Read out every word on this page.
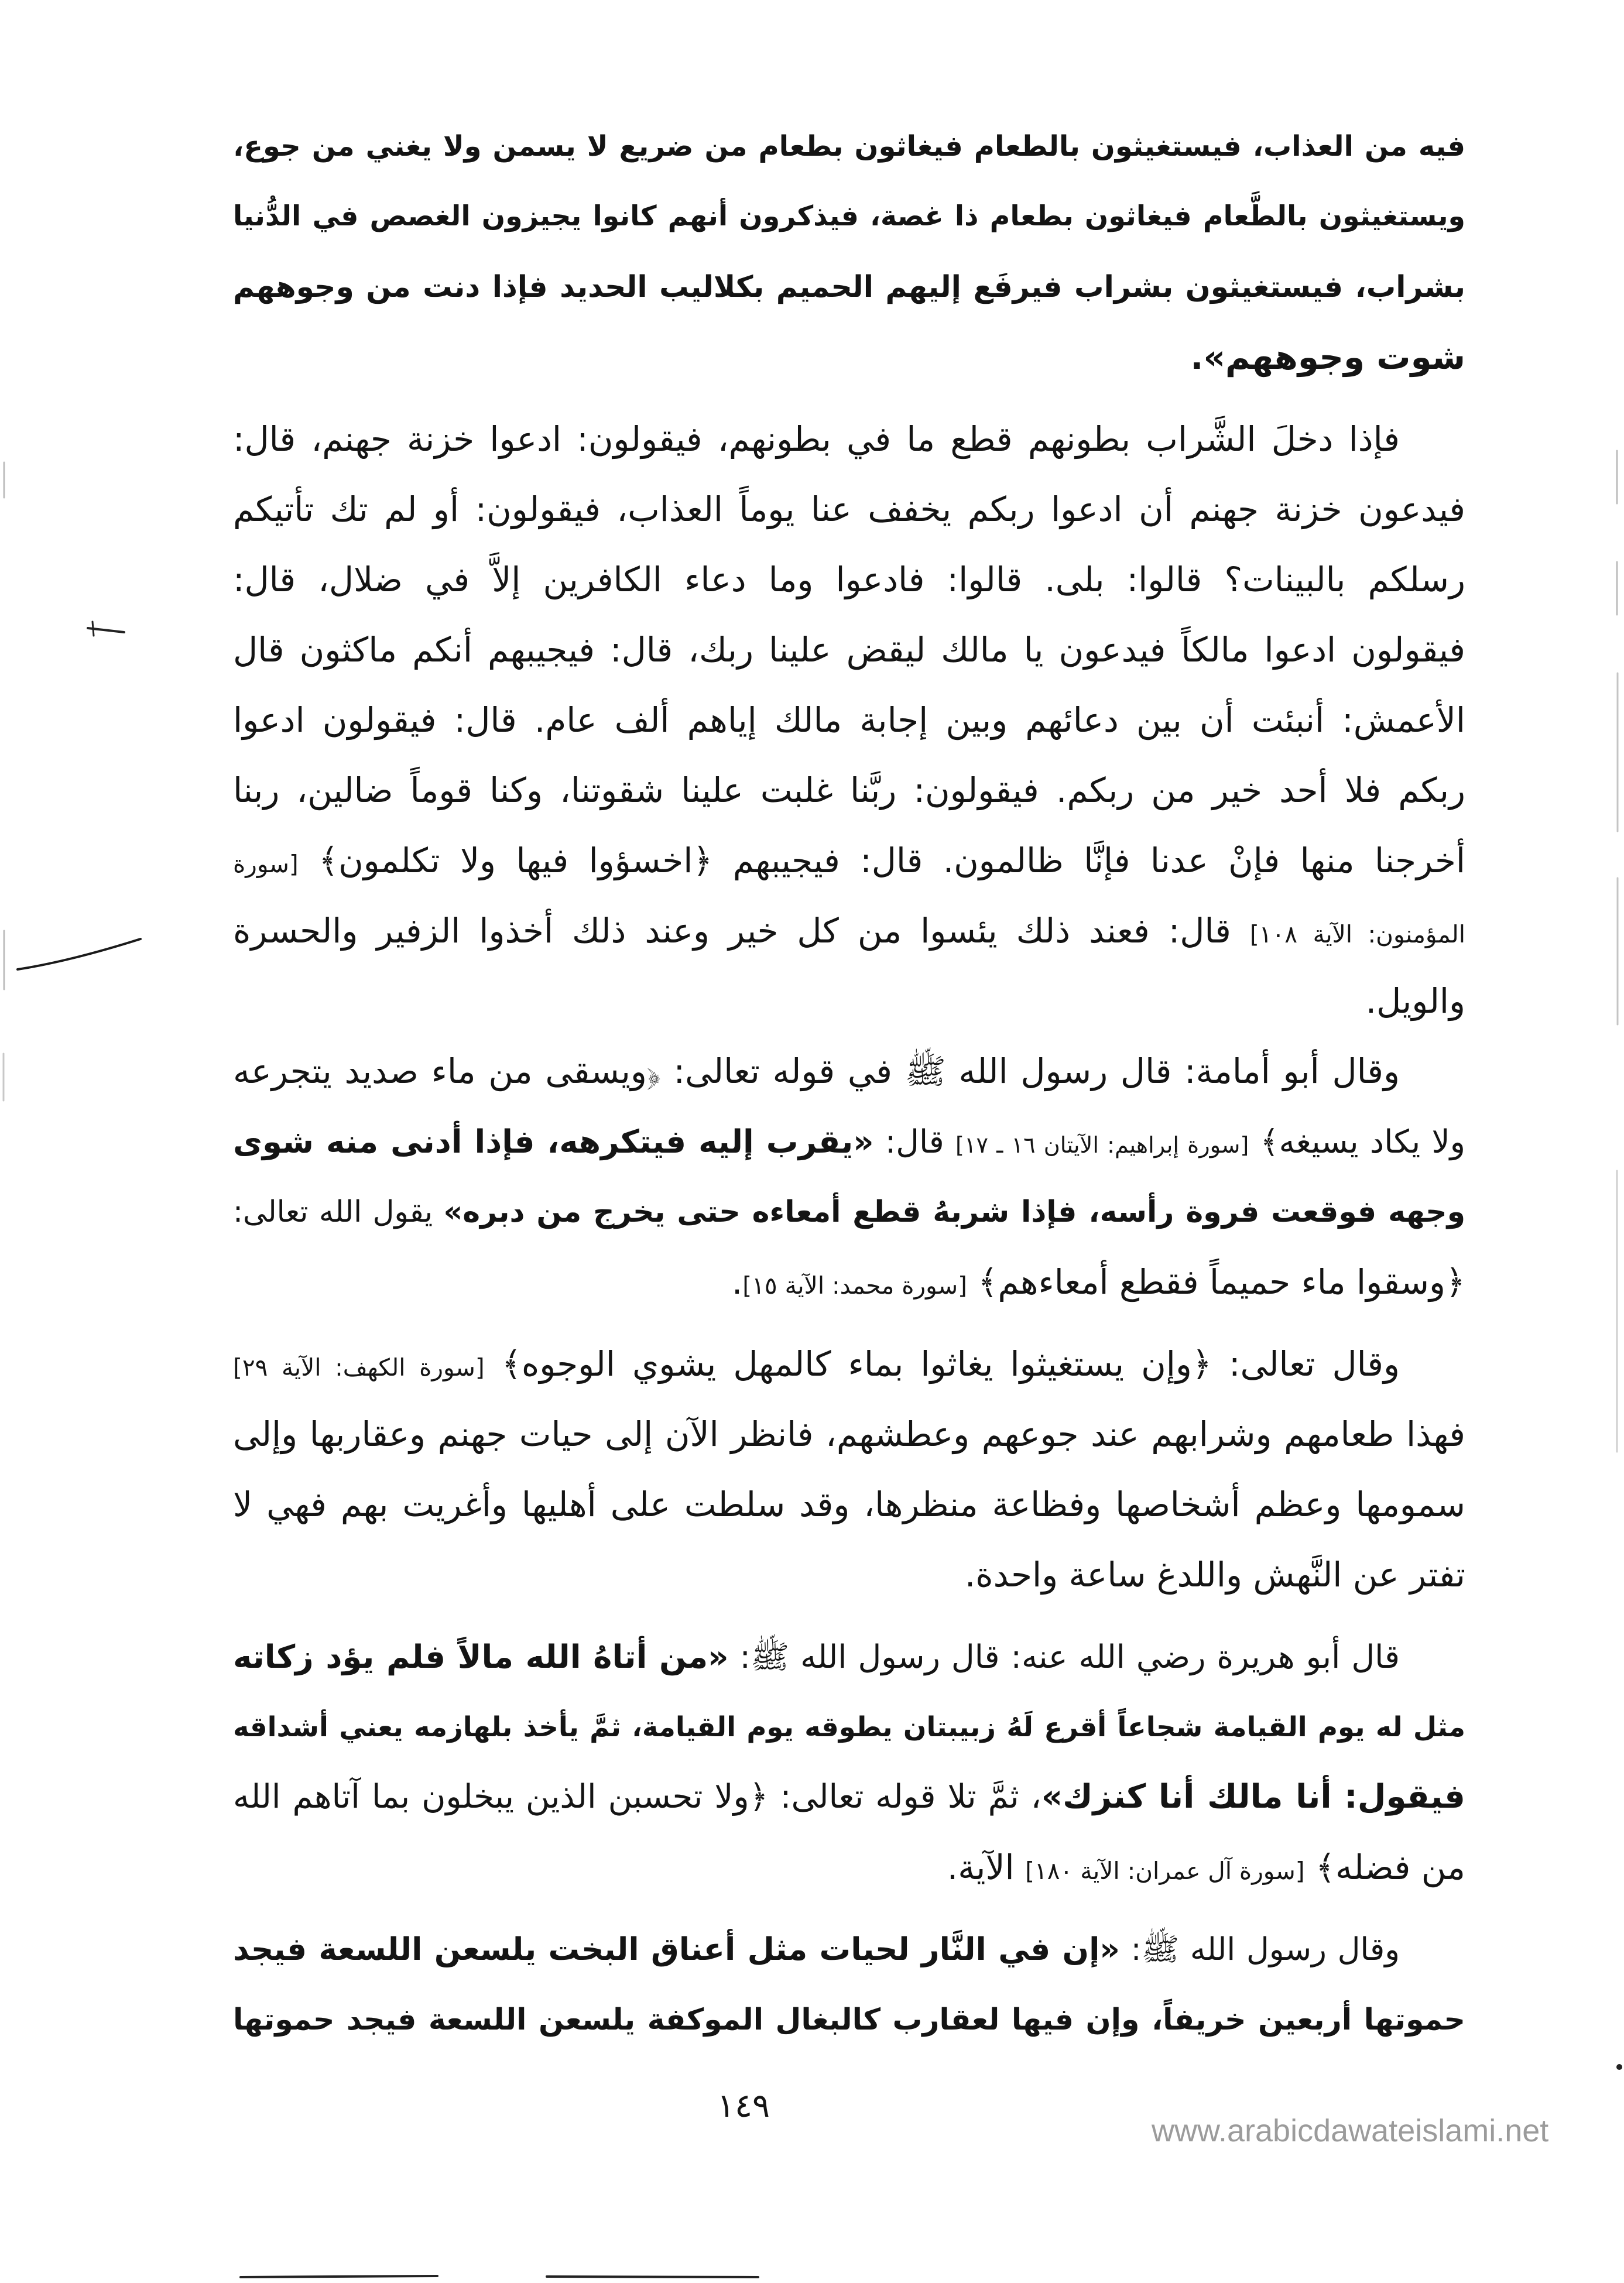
فيه من العذاب، فيستغيثون بالطعام فيغاثون بطعام من ضريع لا يسمن ولا يغني من جوع،
ويستغيثون بالطَّعام فيغاثون بطعام ذا غصة، فيذكرون أنهم كانوا يجيزون الغصص في الدُّنيا
بشراب، فيستغيثون بشراب فيرفَع إليهم الحميم بكلاليب الحديد فإذا دنت من وجوههم
شوت وجوههم».
فإذا دخلَ الشَّراب بطونهم قطع ما في بطونهم، فيقولون: ادعوا خزنة جهنم، قال:
فيدعون خزنة جهنم أن ادعوا ربكم يخفف عنا يوماً العذاب، فيقولون: أو لم تك تأتيكم
رسلكم بالبينات؟ قالوا: بلى. قالوا: فادعوا وما دعاء الكافرين إلاَّ في ضلال، قال:
فيقولون ادعوا مالكاً فيدعون يا مالك ليقض علينا ربك، قال: فيجيبهم أنكم ماكثون قال
الأعمش: أنبئت أن بين دعائهم وبين إجابة مالك إياهم ألف عام. قال: فيقولون ادعوا
ربكم فلا أحد خير من ربكم. فيقولون: ربَّنا غلبت علينا شقوتنا، وكنا قوماً ضالين، ربنا
أخرجنا منها فإنْ عدنا فإنَّا ظالمون. قال: فيجيبهم ﴿اخسؤوا فيها ولا تكلمون﴾ [سورة
المؤمنون: الآية ١٠٨] قال: فعند ذلك يئسوا من كل خير وعند ذلك أخذوا الزفير والحسرة
والويل.
وقال أبو أمامة: قال رسول الله ﷺ في قوله تعالى: ﴿ويسقى من ماء صديد يتجرعه
ولا يكاد يسيغه﴾ [سورة إبراهيم: الآيتان ١٦ ـ ١٧] قال: «يقرب إليه فيتكرهه، فإذا أدنى منه شوى
وجهه فوقعت فروة رأسه، فإذا شربهُ قطع أمعاءه حتى يخرج من دبره» يقول الله تعالى:
﴿وسقوا ماء حميماً فقطع أمعاءهم﴾ [سورة محمد: الآية ١٥].
وقال تعالى: ﴿وإن يستغيثوا يغاثوا بماء كالمهل يشوي الوجوه﴾ [سورة الكهف: الآية ٢٩]
فهذا طعامهم وشرابهم عند جوعهم وعطشهم، فانظر الآن إلى حيات جهنم وعقاربها وإلى
سمومها وعظم أشخاصها وفظاعة منظرها، وقد سلطت على أهليها وأغريت بهم فهي لا
تفتر عن النَّهش واللدغ ساعة واحدة.
قال أبو هريرة رضي الله عنه: قال رسول الله ﷺ: «من أتاهُ الله مالاً فلم يؤد زكاته
مثل له يوم القيامة شجاعاً أقرع لَهُ زبيبتان يطوقه يوم القيامة، ثمَّ يأخذ بلهازمه يعني أشداقه
فيقول: أنا مالك أنا كنزك»، ثمَّ تلا قوله تعالى: ﴿ولا تحسبن الذين يبخلون بما آتاهم الله
من فضله﴾ [سورة آل عمران: الآية ١٨٠] الآية.
وقال رسول الله ﷺ: «إن في النَّار لحيات مثل أعناق البخت يلسعن اللسعة فيجد
حموتها أربعين خريفاً، وإن فيها لعقارب كالبغال الموكفة يلسعن اللسعة فيجد حموتها
١٤٩
www.arabicdawateislami.net
